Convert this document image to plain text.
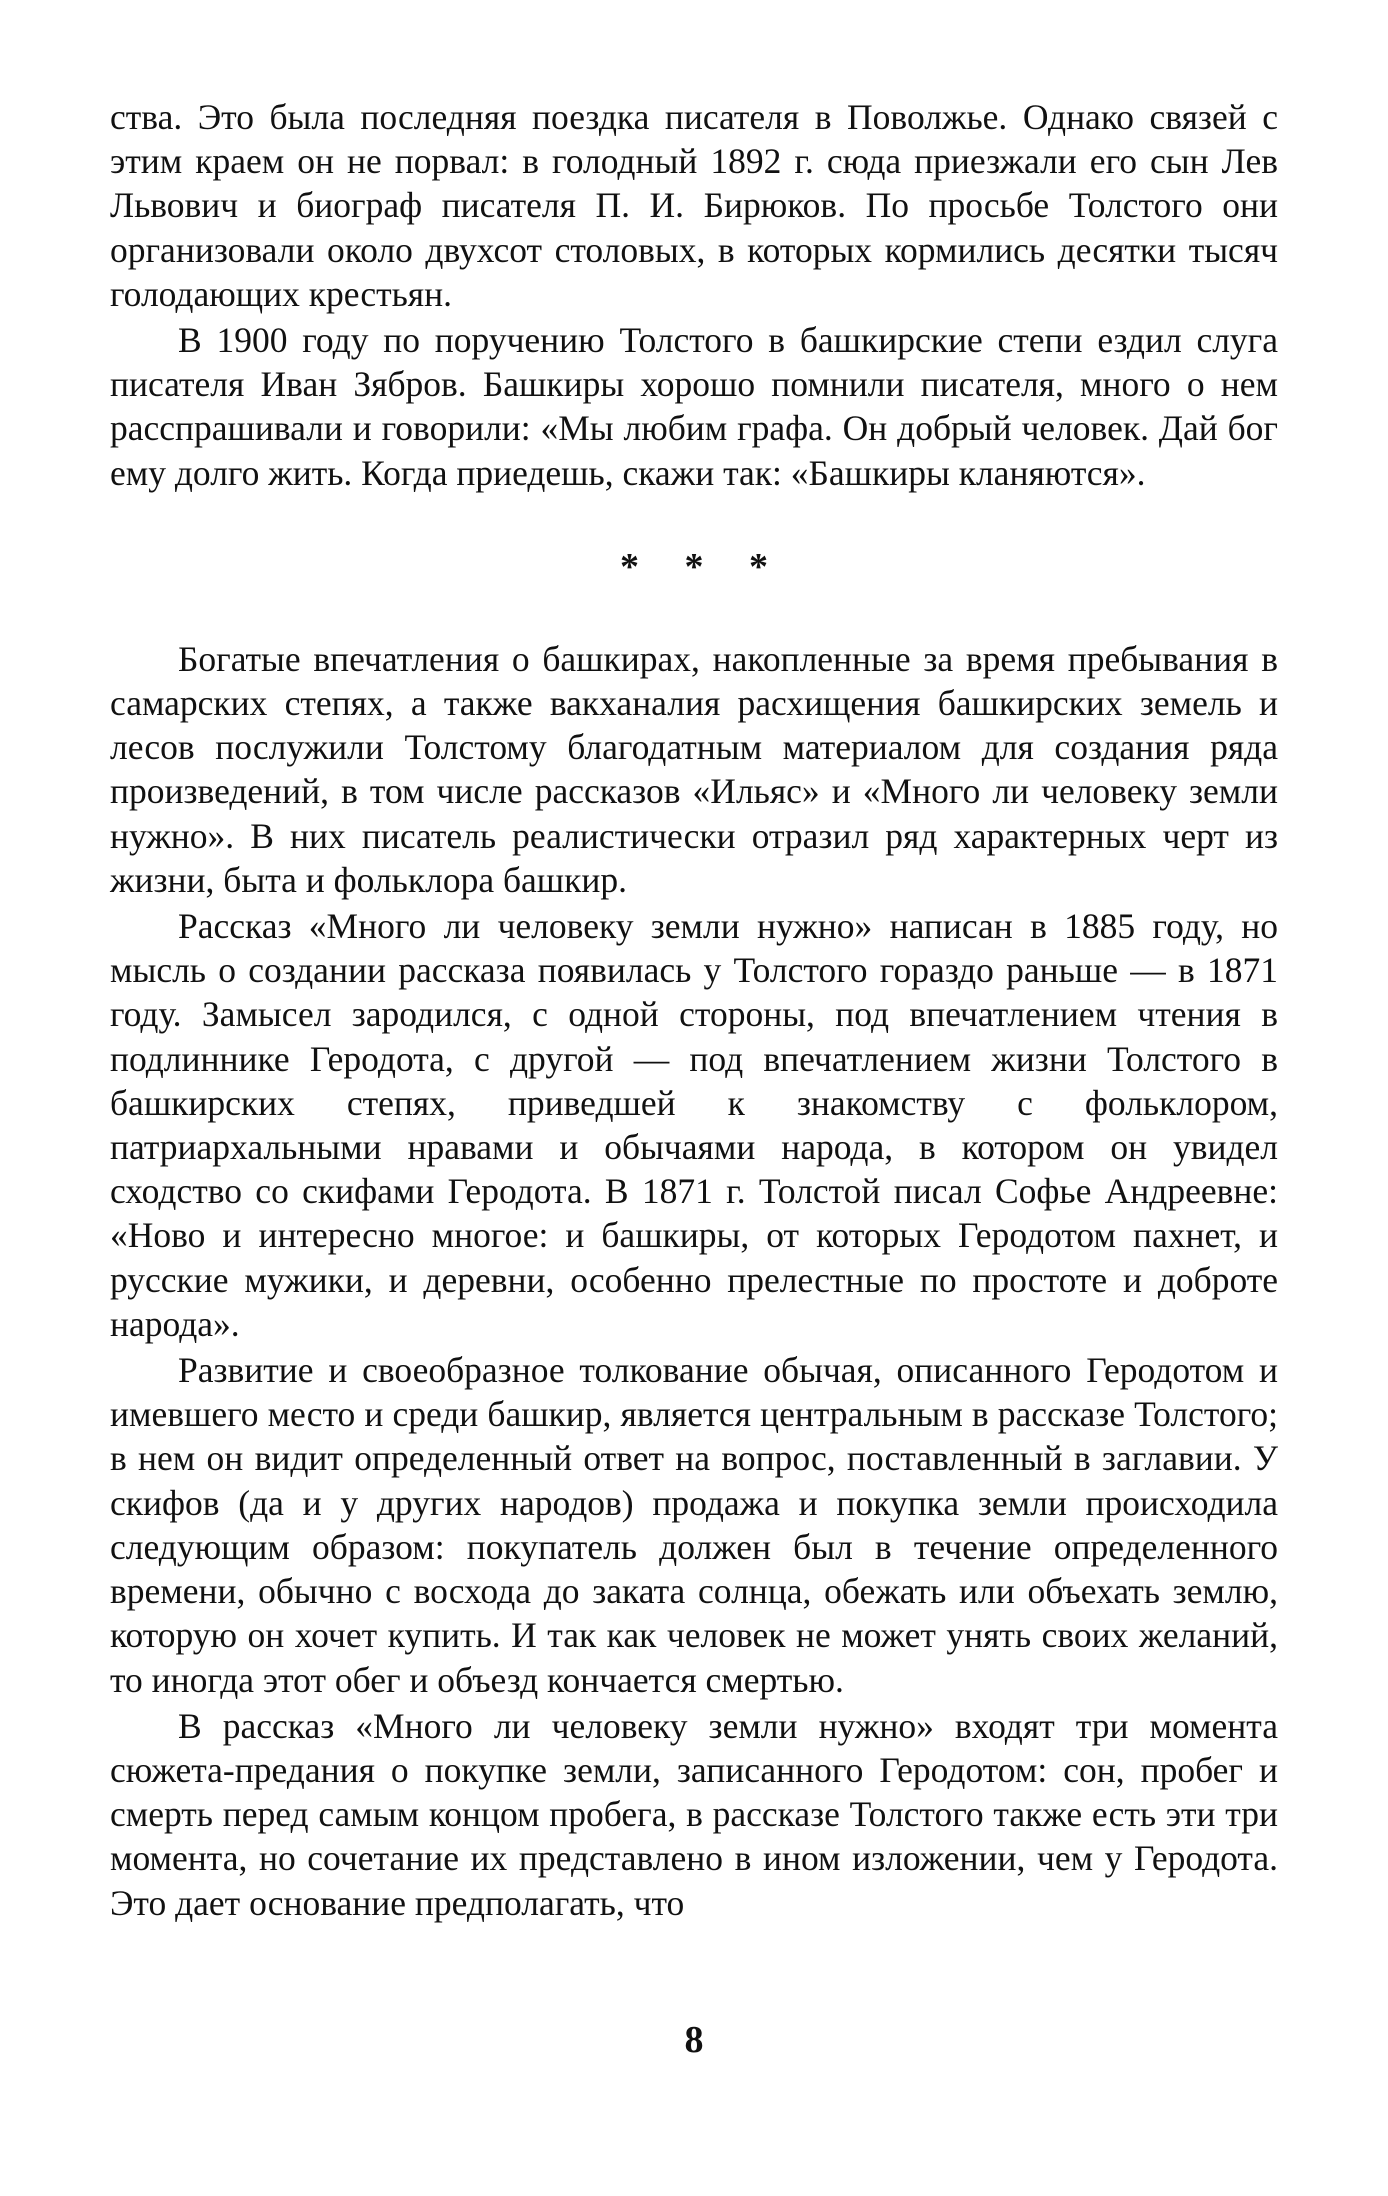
ства. Это была последняя поездка писателя в Поволжье. Однако связей с этим краем он не порвал: в голодный 1892 г. сюда приезжали его сын Лев Львович и биограф писателя П. И. Бирюков. По просьбе Толстого они организовали около двухсот столовых, в которых кормились десятки тысяч голодающих крестьян.

В 1900 году по поручению Толстого в башкирские степи ездил слуга писателя Иван Зябров. Башкиры хорошо помнили писателя, много о нем расспрашивали и говорили: «Мы любим графа. Он добрый человек. Дай бог ему долго жить. Когда приедешь, скажи так: «Башкиры кланяются».

* * *

Богатые впечатления о башкирах, накопленные за время пребывания в самарских степях, а также вакханалия расхищения башкирских земель и лесов послужили Толстому благодатным материалом для создания ряда произведений, в том числе рассказов «Ильяс» и «Много ли человеку земли нужно». В них писатель реалистически отразил ряд характерных черт из жизни, быта и фольклора башкир.

Рассказ «Много ли человеку земли нужно» написан в 1885 году, но мысль о создании рассказа появилась у Толстого гораздо раньше — в 1871 году. Замысел зародился, с одной стороны, под впечатлением чтения в подлиннике Геродота, с другой — под впечатлением жизни Толстого в башкирских степях, приведшей к знакомству с фольклором, патриархальными нравами и обычаями народа, в котором он увидел сходство со скифами Геродота. В 1871 г. Толстой писал Софье Андреевне: «Ново и интересно многое: и башкиры, от которых Геродотом пахнет, и русские мужики, и деревни, особенно прелестные по простоте и доброте народа».

Развитие и своеобразное толкование обычая, описанного Геродотом и имевшего место и среди башкир, является центральным в рассказе Толстого; в нем он видит определенный ответ на вопрос, поставленный в заглавии. У скифов (да и у других народов) продажа и покупка земли происходила следующим образом: покупатель должен был в течение определенного времени, обычно с восхода до заката солнца, обежать или объехать землю, которую он хочет купить. И так как человек не может унять своих желаний, то иногда этот обег и объезд кончается смертью.

В рассказ «Много ли человеку земли нужно» входят три момента сюжета-предания о покупке земли, записанного Геродотом: сон, пробег и смерть перед самым концом пробега, в рассказе Толстого также есть эти три момента, но сочетание их представлено в ином изложении, чем у Геродота. Это дает основание предполагать, что

8
